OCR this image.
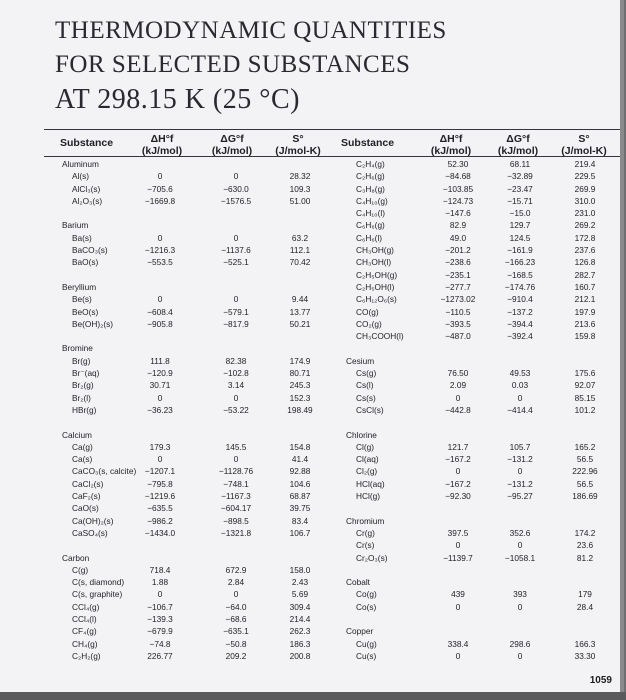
THERMODYNAMIC QUANTITIES
FOR SELECTED SUBSTANCES
AT 298.15 K (25 °C)
Substance	ΔH°f
(kJ/mol)
ΔG°f
(kJ/mol)
S°
(J/mol-K)
Substance	ΔH°f
(kJ/mol)
ΔG°f
(kJ/mol)
S°
(J/mol-K)
Aluminum
Al(s)
AlCl₃(s)
Al₂O₃(s)
Barium
Ba(s)
BaCO₃(s)
BaO(s)
Beryllium
Be(s)
BeO(s)
Be(OH)₂(s)
Bromine
Br(g)
Br⁻(aq)
Br₂(g)
Br₂(l)
HBr(g)
Calcium
Ca(g)
Ca(s)
CaCO₃(s, calcite)
CaCl₂(s)
CaF₂(s)
CaO(s)
Ca(OH)₂(s)
CaSO₄(s)
Carbon
C(g)
C(s, diamond)
C(s, graphite)
CCl₄(g)
CCl₄(l)
CF₄(g)
CH₄(g)
C₂H₂(g)
0
−705.6
−1669.8
0
−1216.3
−553.5
0
−608.4
−905.8
111.8
−120.9
30.71
0
−36.23
179.3
0
−1207.1
−795.8
−1219.6
−635.5
−986.2
−1434.0
718.4
1.88
0
−106.7
−139.3
−679.9
−74.8
226.77
0
−630.0
−1576.5
0
−1137.6
−525.1
0
−579.1
−817.9
82.38
−102.8
3.14
0
−53.22
145.5
0
−1128.76
−748.1
−1167.3
−604.17
−898.5
−1321.8
672.9
2.84
0
−64.0
−68.6
−635.1
−50.8
209.2
28.32
109.3
51.00
63.2
112.1
70.42
9.44
13.77
50.21
174.9
80.71
245.3
152.3
198.49
154.8
41.4
92.88
104.6
68.87
39.75
83.4
106.7
158.0
2.43
5.69
309.4
214.4
262.3
186.3
200.8
C₂H₄(g)
C₂H₆(g)
C₃H₈(g)
C₄H₁₀(g)
C₄H₁₀(l)
C₆H₆(g)
C₆H₆(l)
CH₃OH(g)
CH₃OH(l)
C₂H₅OH(g)
C₂H₅OH(l)
C₆H₁₂O₆(s)
CO(g)
CO₂(g)
CH₃COOH(l)
Cesium
Cs(g)
Cs(l)
Cs(s)
CsCl(s)
Chlorine
Cl(g)
Cl(aq)
Cl₂(g)
HCl(aq)
HCl(g)
Chromium
Cr(g)
Cr(s)
Cr₂O₃(s)
Cobalt
Co(g)
Co(s)
Copper
Cu(g)
Cu(s)
52.30
−84.68
−103.85
−124.73
−147.6
82.9
49.0
−201.2
−238.6
−235.1
−277.7
−1273.02
−110.5
−393.5
−487.0
76.50
2.09
0
−442.8
121.7
−167.2
0
−167.2
−92.30
397.5
0
−1139.7
439
0
338.4
0
68.11
−32.89
−23.47
−15.71
−15.0
129.7
124.5
−161.9
−166.23
−168.5
−174.76
−910.4
−137.2
−394.4
−392.4
49.53
0.03
0
−414.4
105.7
−131.2
0
−131.2
−95.27
352.6
0
−1058.1
393
0
298.6
0
219.4
229.5
269.9
310.0
231.0
269.2
172.8
237.6
126.8
282.7
160.7
212.1
197.9
213.6
159.8
175.6
92.07
85.15
101.2
165.2
56.5
222.96
56.5
186.69
174.2
23.6
81.2
179
28.4
166.3
33.30
1059
